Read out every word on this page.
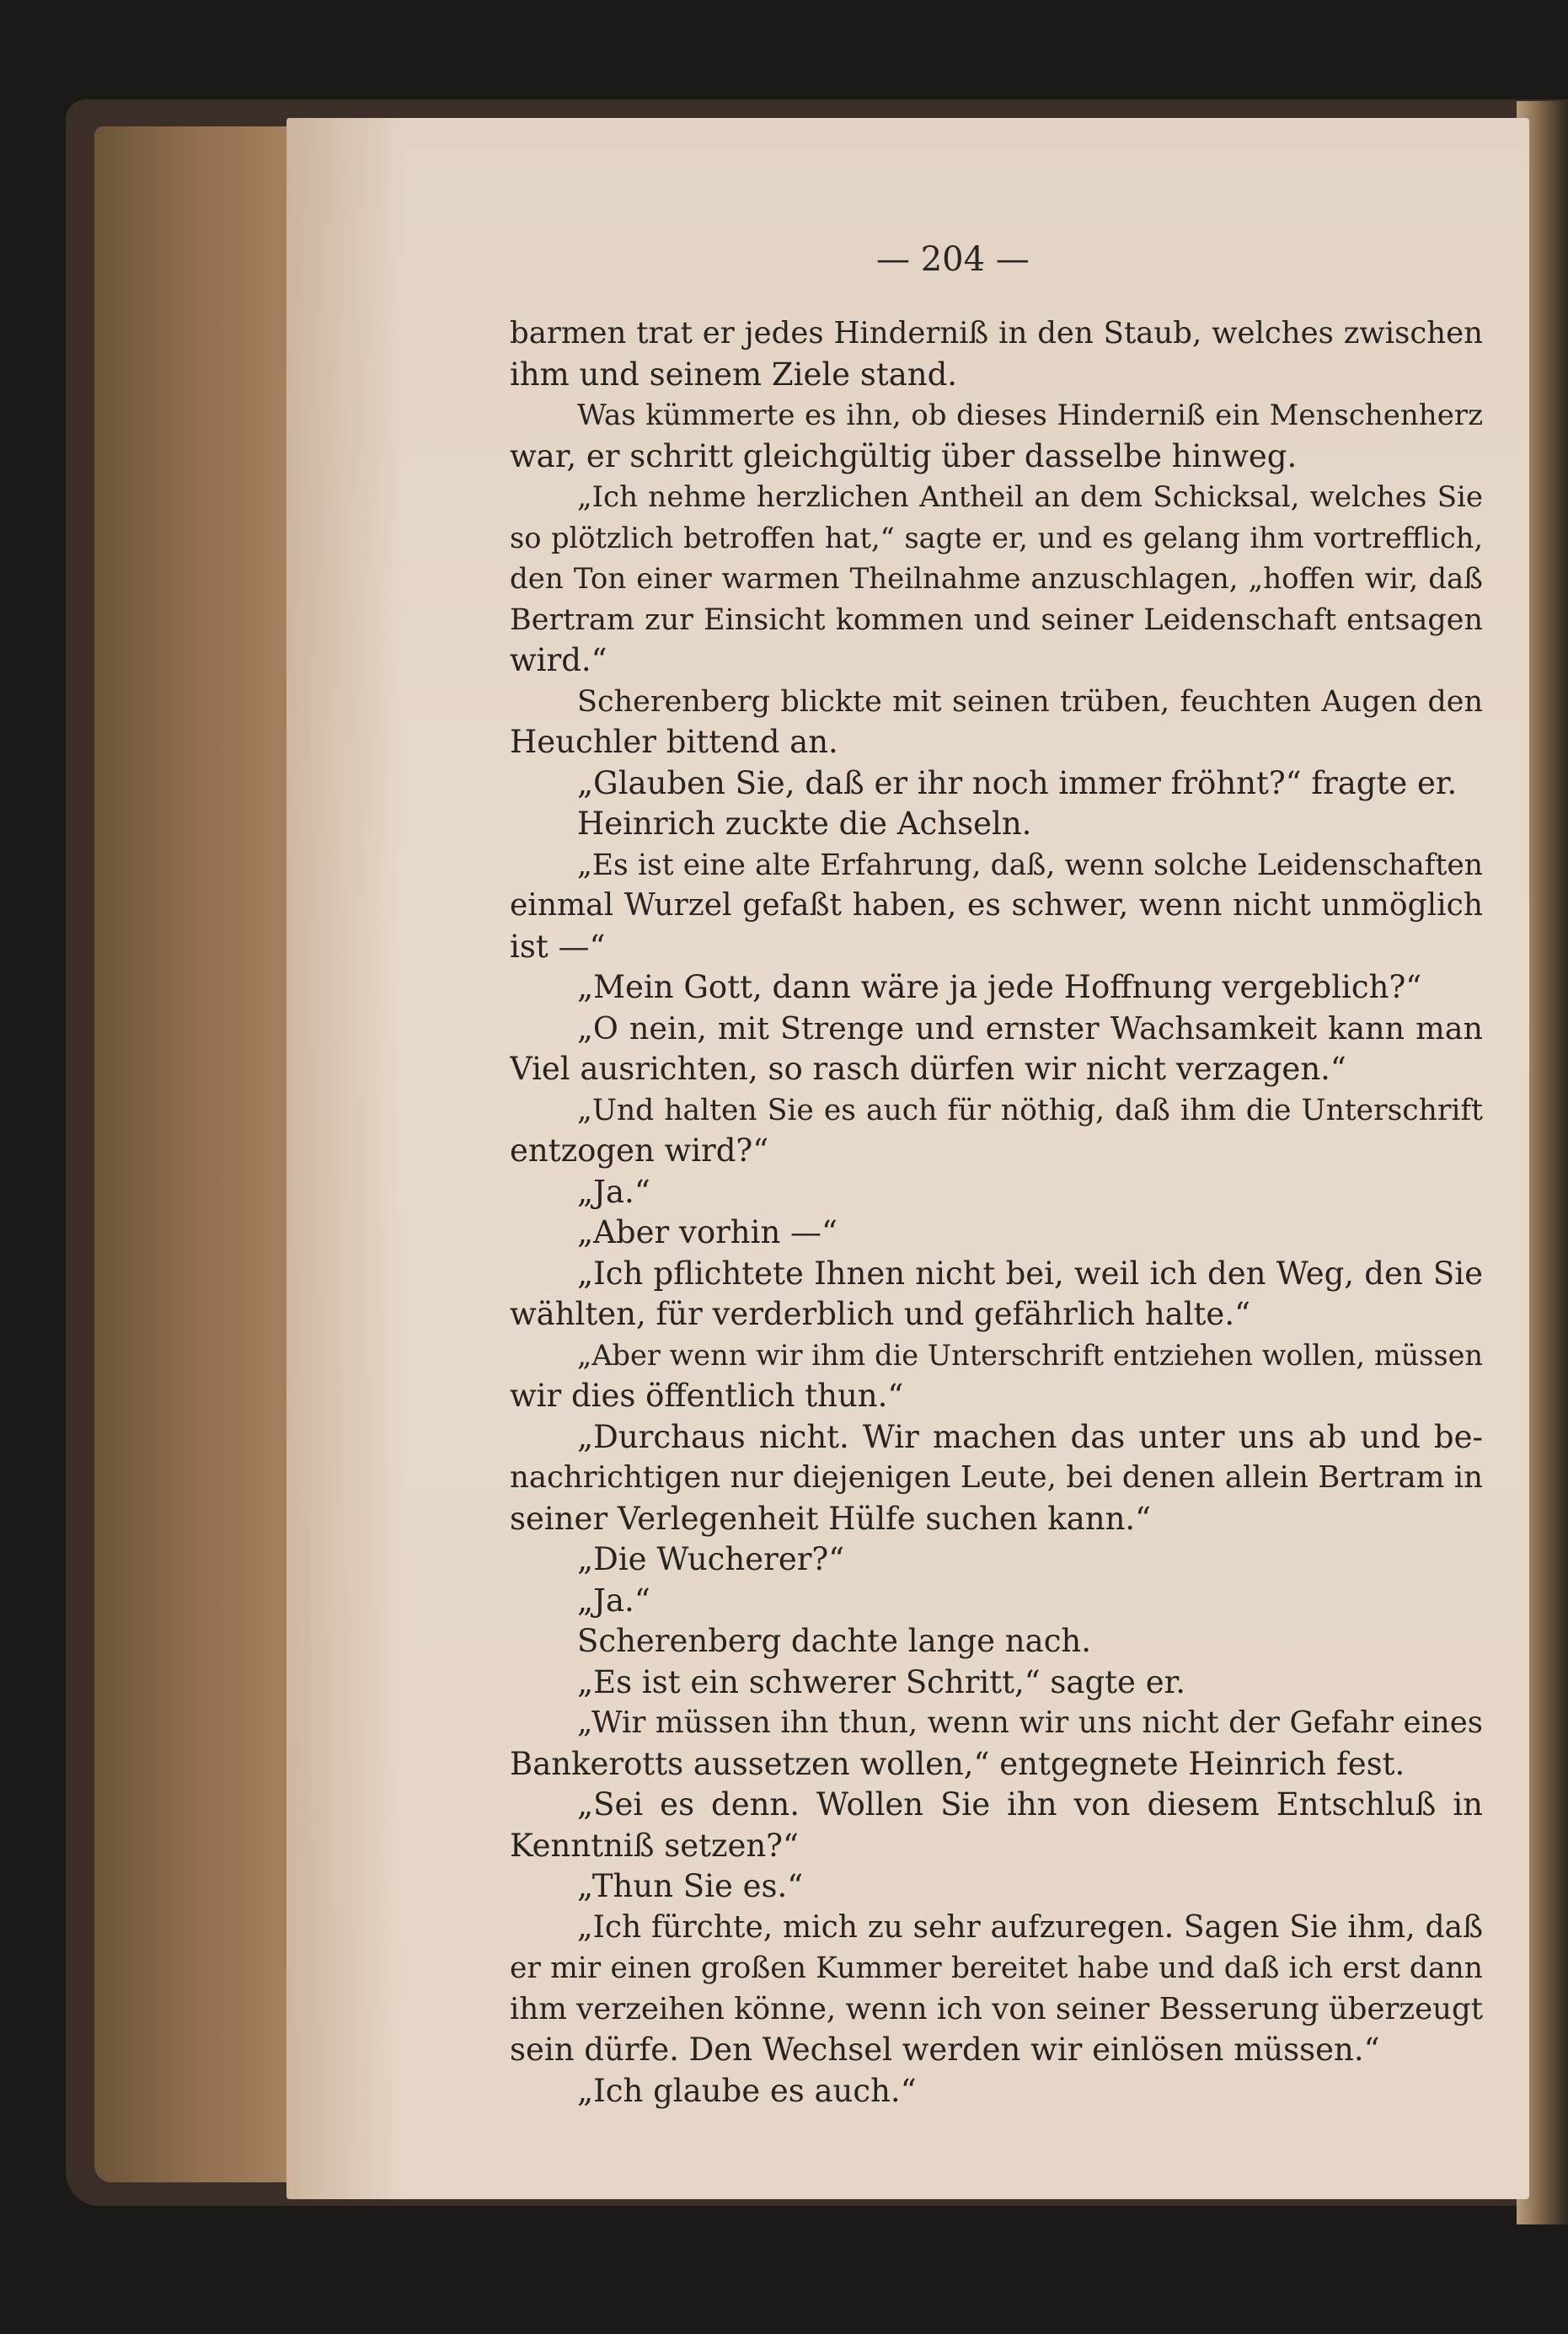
— 204 —
barmen trat er jedes Hinderniß in den Staub, welches zwischen
ihm und seinem Ziele stand.
Was kümmerte es ihn, ob dieses Hinderniß ein Menschenherz
war, er schritt gleichgültig über dasselbe hinweg.
„Ich nehme herzlichen Antheil an dem Schicksal, welches Sie
so plötzlich betroffen hat,“ sagte er, und es gelang ihm vortrefflich,
den Ton einer warmen Theilnahme anzuschlagen, „hoffen wir, daß
Bertram zur Einsicht kommen und seiner Leidenschaft entsagen
wird.“
Scherenberg blickte mit seinen trüben, feuchten Augen den
Heuchler bittend an.
„Glauben Sie, daß er ihr noch immer fröhnt?“ fragte er.
Heinrich zuckte die Achseln.
„Es ist eine alte Erfahrung, daß, wenn solche Leidenschaften
einmal Wurzel gefaßt haben, es schwer, wenn nicht unmöglich
ist —“
„Mein Gott, dann wäre ja jede Hoffnung vergeblich?“
„O nein, mit Strenge und ernster Wachsamkeit kann man
Viel ausrichten, so rasch dürfen wir nicht verzagen.“
„Und halten Sie es auch für nöthig, daß ihm die Unterschrift
entzogen wird?“
„Ja.“
„Aber vorhin —“
„Ich pflichtete Ihnen nicht bei, weil ich den Weg, den Sie
wählten, für verderblich und gefährlich halte.“
„Aber wenn wir ihm die Unterschrift entziehen wollen, müssen
wir dies öffentlich thun.“
„Durchaus nicht. Wir machen das unter uns ab und be-
nachrichtigen nur diejenigen Leute, bei denen allein Bertram in
seiner Verlegenheit Hülfe suchen kann.“
„Die Wucherer?“
„Ja.“
Scherenberg dachte lange nach.
„Es ist ein schwerer Schritt,“ sagte er.
„Wir müssen ihn thun, wenn wir uns nicht der Gefahr eines
Bankerotts aussetzen wollen,“ entgegnete Heinrich fest.
„Sei es denn. Wollen Sie ihn von diesem Entschluß in
Kenntniß setzen?“
„Thun Sie es.“
„Ich fürchte, mich zu sehr aufzuregen. Sagen Sie ihm, daß
er mir einen großen Kummer bereitet habe und daß ich erst dann
ihm verzeihen könne, wenn ich von seiner Besserung überzeugt
sein dürfe. Den Wechsel werden wir einlösen müssen.“
„Ich glaube es auch.“
